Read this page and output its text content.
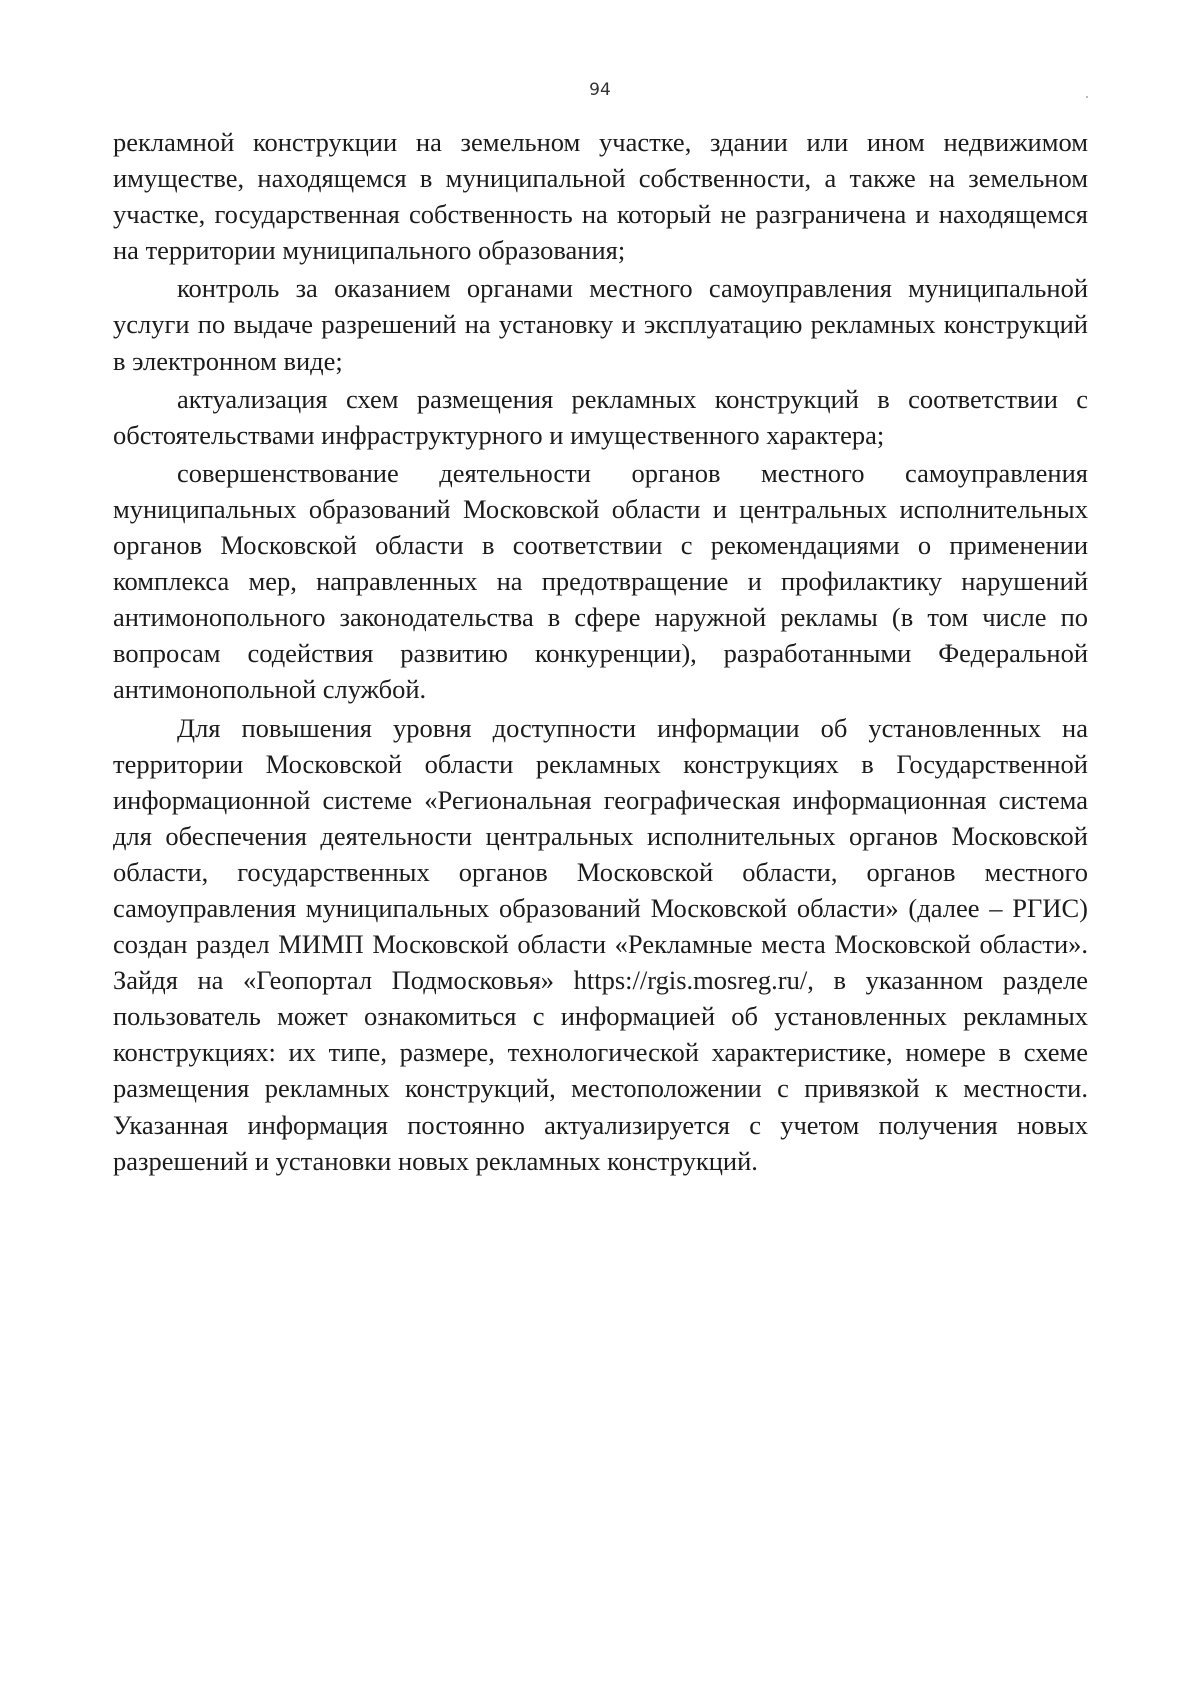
94

рекламной конструкции на земельном участке, здании или ином недвижимом имуществе, находящемся в муниципальной собственности, а также на земельном участке, государственная собственность на который не разграничена и находящемся на территории муниципального образования;

контроль за оказанием органами местного самоуправления муниципальной услуги по выдаче разрешений на установку и эксплуатацию рекламных конструкций в электронном виде;

актуализация схем размещения рекламных конструкций в соответствии с обстоятельствами инфраструктурного и имущественного характера;

совершенствование деятельности органов местного самоуправления муниципальных образований Московской области и центральных исполнительных органов Московской области в соответствии с рекомендациями о применении комплекса мер, направленных на предотвращение и профилактику нарушений антимонопольного законодательства в сфере наружной рекламы (в том числе по вопросам содействия развитию конкуренции), разработанными Федеральной антимонопольной службой.

Для повышения уровня доступности информации об установленных на территории Московской области рекламных конструкциях в Государственной информационной системе «Региональная географическая информационная система для обеспечения деятельности центральных исполнительных органов Московской области, государственных органов Московской области, органов местного самоуправления муниципальных образований Московской области» (далее – РГИС) создан раздел МИМП Московской области «Рекламные места Московской области». Зайдя на «Геопортал Подмосковья» https://rgis.mosreg.ru/, в указанном разделе пользователь может ознакомиться с информацией об установленных рекламных конструкциях: их типе, размере, технологической характеристике, номере в схеме размещения рекламных конструкций, местоположении с привязкой к местности. Указанная информация постоянно актуализируется с учетом получения новых разрешений и установки новых рекламных конструкций.
